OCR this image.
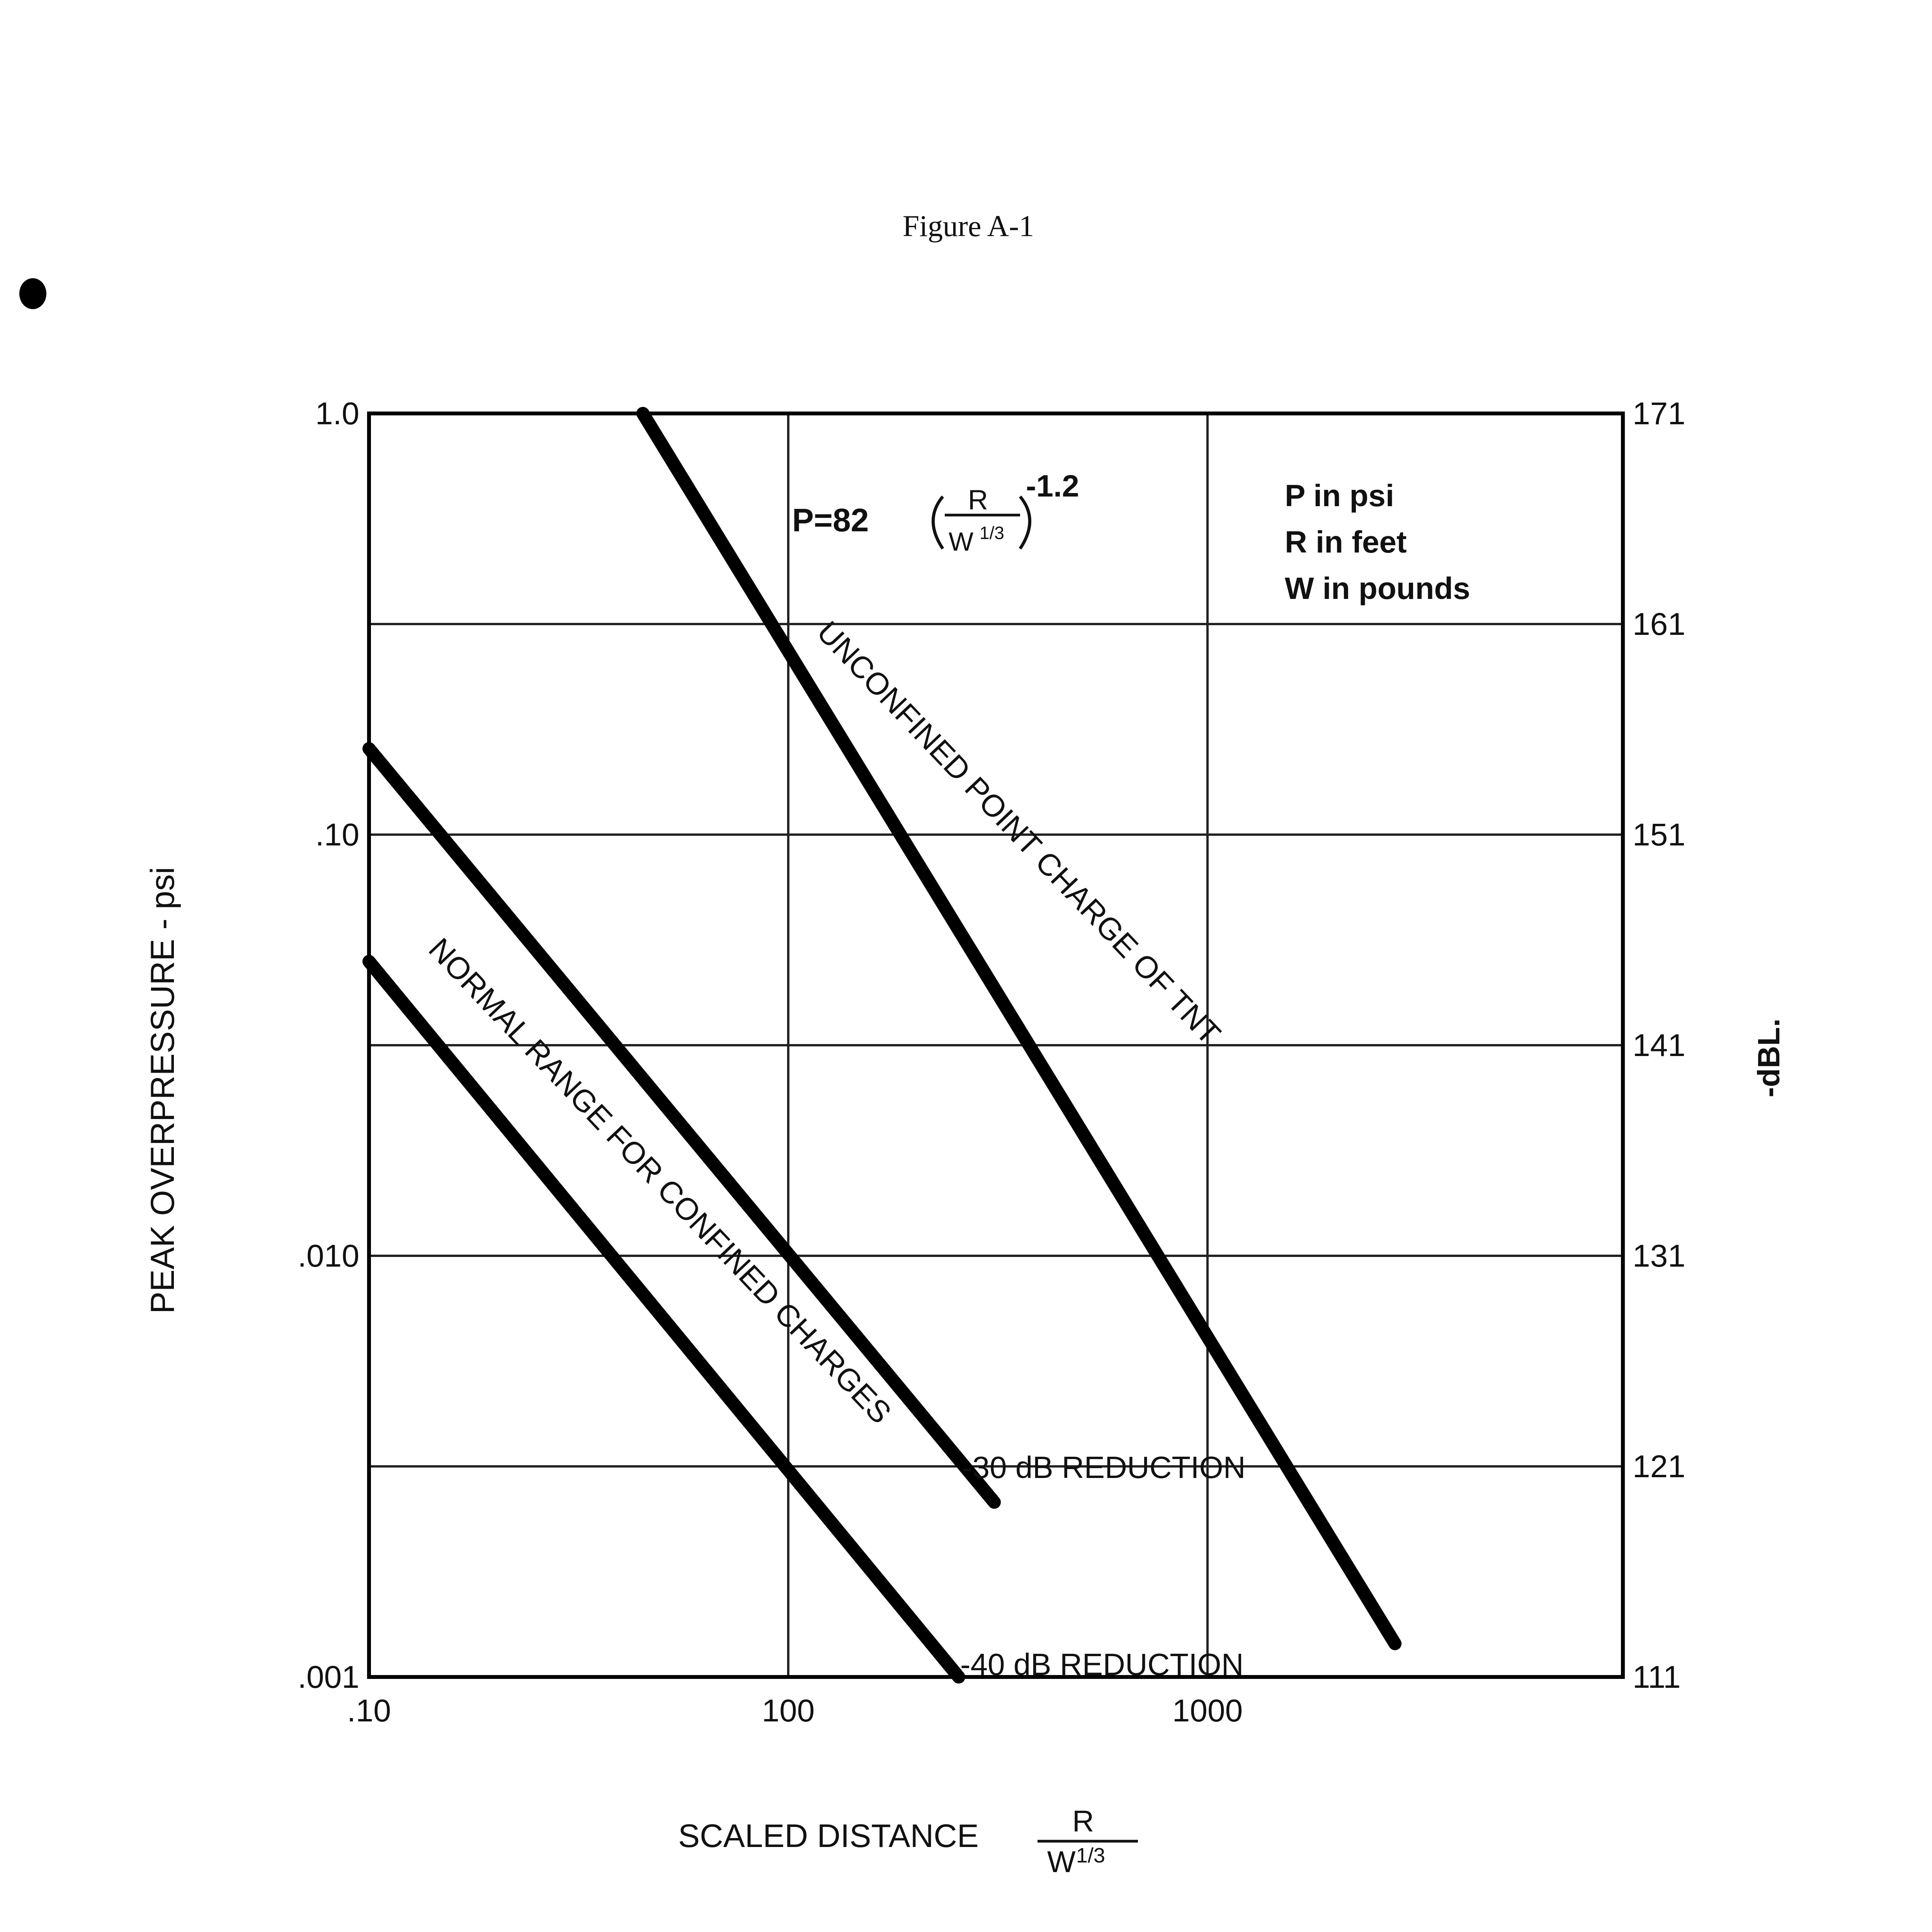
Figure A-1
.10	100	1000
1.0
.10
.010
.001
171
161
151
141
131
121
111
P=82
R
W 1/3
-1.2	P in psi
R in feet
W in pounds
UNCONFINED POINT CHARGE OF TNT
NORMAL RANGE FOR CONFINED CHARGES
-30 dB REDUCTION
-40 dB REDUCTION
PEAK OVERPRESSURE - psi	-dBL.
SCALED DISTANCE	R
W 1/3
